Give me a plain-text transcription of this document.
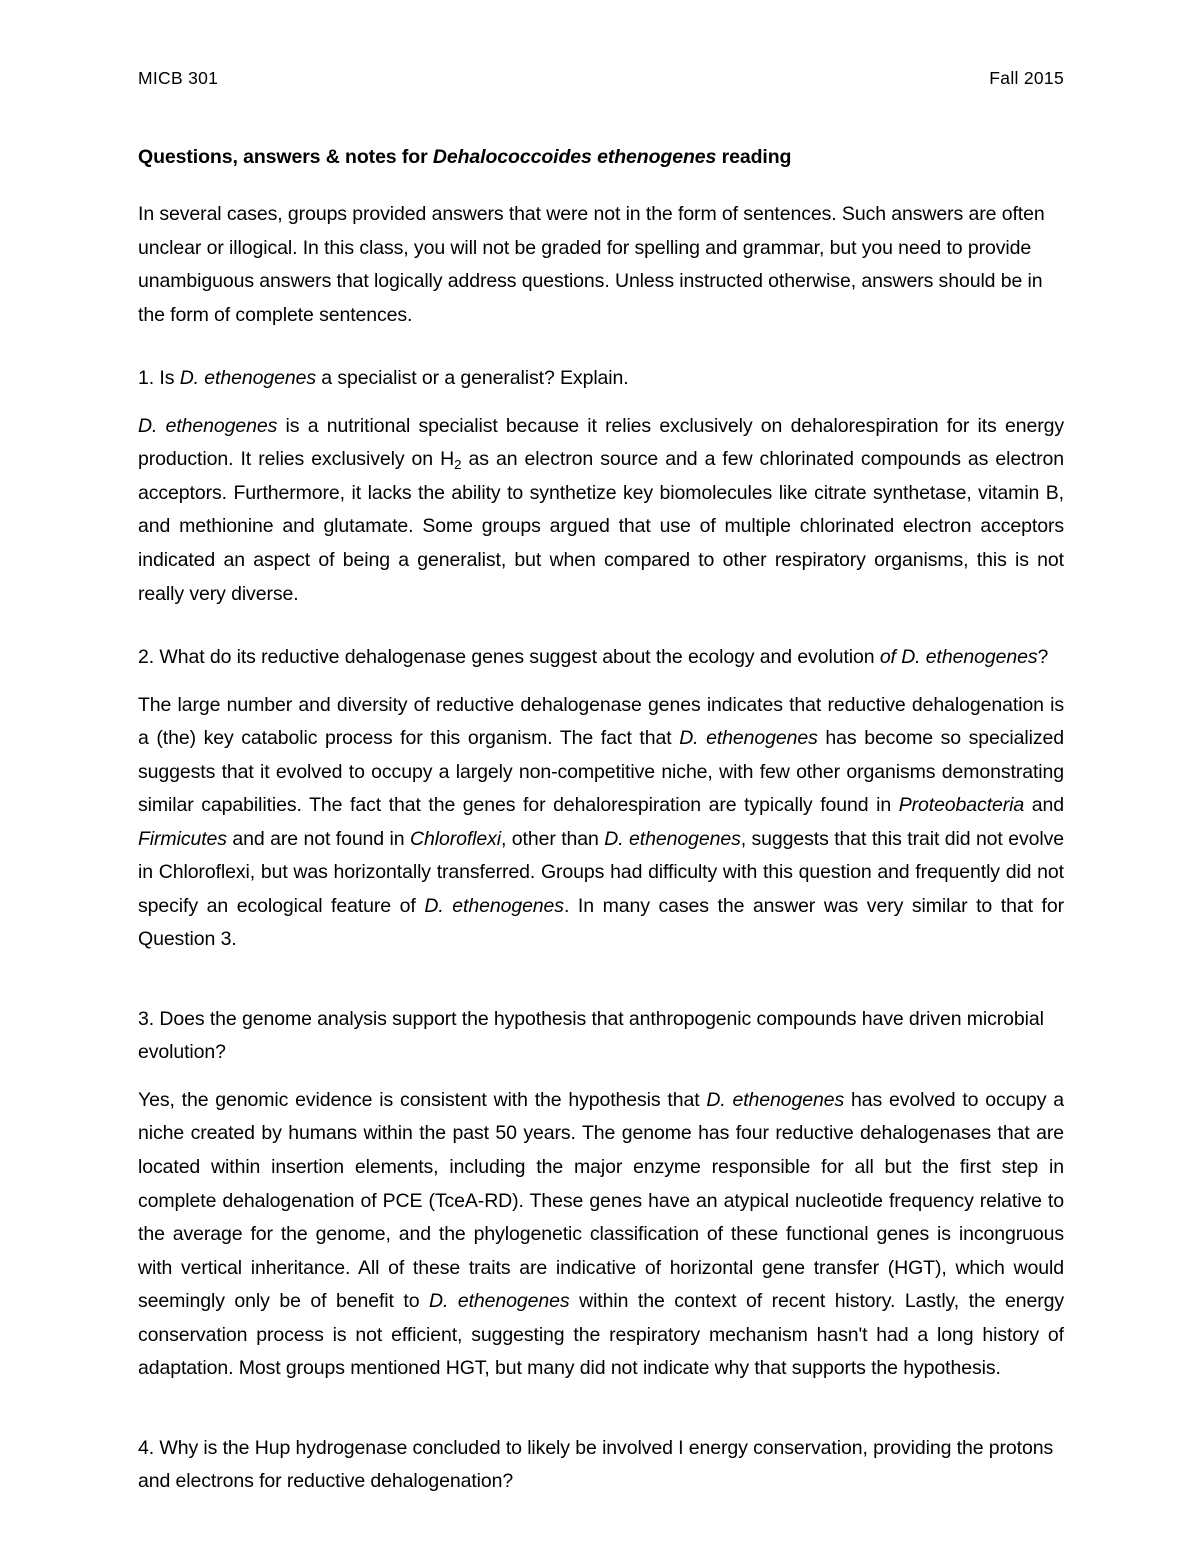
MICB 301	Fall 2015
Questions, answers & notes for Dehalococcoides ethenogenes reading

In several cases, groups provided answers that were not in the form of sentences. Such answers are often unclear or illogical. In this class, you will not be graded for spelling and grammar, but you need to provide unambiguous answers that logically address questions. Unless instructed otherwise, answers should be in the form of complete sentences.

1. Is D. ethenogenes a specialist or a generalist? Explain.

D. ethenogenes is a nutritional specialist because it relies exclusively on dehalorespiration for its energy production. It relies exclusively on $H_2$ as an electron source and a few chlorinated compounds as electron acceptors. Furthermore, it lacks the ability to synthetize key biomolecules like citrate synthetase, vitamin B, and methionine and glutamate. Some groups argued that use of multiple chlorinated electron acceptors indicated an aspect of being a generalist, but when compared to other respiratory organisms, this is not really very diverse.

2. What do its reductive dehalogenase genes suggest about the ecology and evolution of D. ethenogenes?

The large number and diversity of reductive dehalogenase genes indicates that reductive dehalogenation is a (the) key catabolic process for this organism. The fact that D. ethenogenes has become so specialized suggests that it evolved to occupy a largely non-competitive niche, with few other organisms demonstrating similar capabilities. The fact that the genes for dehalorespiration are typically found in Proteobacteria and Firmicutes and are not found in Chloroflexi, other than D. ethenogenes, suggests that this trait did not evolve in Chloroflexi, but was horizontally transferred. Groups had difficulty with this question and frequently did not specify an ecological feature of D. ethenogenes. In many cases the answer was very similar to that for Question 3.

3. Does the genome analysis support the hypothesis that anthropogenic compounds have driven microbial evolution?

Yes, the genomic evidence is consistent with the hypothesis that D. ethenogenes has evolved to occupy a niche created by humans within the past 50 years. The genome has four reductive dehalogenases that are located within insertion elements, including the major enzyme responsible for all but the first step in complete dehalogenation of PCE (TceA-RD). These genes have an atypical nucleotide frequency relative to the average for the genome, and the phylogenetic classification of these functional genes is incongruous with vertical inheritance. All of these traits are indicative of horizontal gene transfer (HGT), which would seemingly only be of benefit to D. ethenogenes within the context of recent history. Lastly, the energy conservation process is not efficient, suggesting the respiratory mechanism hasn't had a long history of adaptation. Most groups mentioned HGT, but many did not indicate why that supports the hypothesis.

4. Why is the Hup hydrogenase concluded to likely be involved I energy conservation, providing the protons and electrons for reductive dehalogenation?
